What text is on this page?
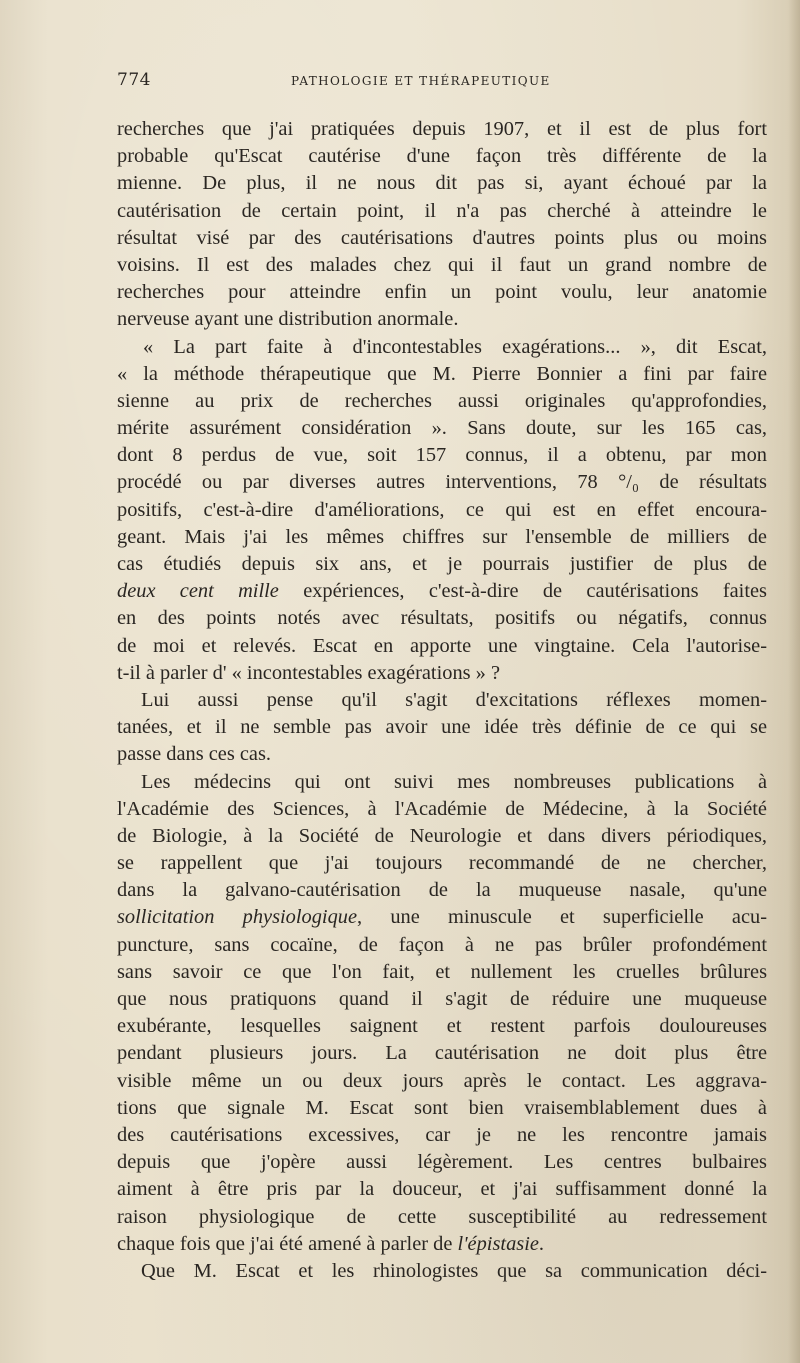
774	PATHOLOGIE ET THÉRAPEUTIQUE
recherches que j'ai pratiquées depuis 1907, et il est de plus fort
probable qu'Escat cautérise d'une façon très différente de la
mienne. De plus, il ne nous dit pas si, ayant échoué par la
cautérisation de certain point, il n'a pas cherché à atteindre le
résultat visé par des cautérisations d'autres points plus ou moins
voisins. Il est des malades chez qui il faut un grand nombre de
recherches pour atteindre enfin un point voulu, leur anatomie
nerveuse ayant une distribution anormale.
« La part faite à d'incontestables exagérations... », dit Escat,
« la méthode thérapeutique que M. Pierre Bonnier a fini par faire
sienne au prix de recherches aussi originales qu'approfondies,
mérite assurément considération ». Sans doute, sur les 165 cas,
dont 8 perdus de vue, soit 157 connus, il a obtenu, par mon
procédé ou par diverses autres interventions, 78 °/₀ de résultats
positifs, c'est-à-dire d'améliorations, ce qui est en effet encoura-
geant. Mais j'ai les mêmes chiffres sur l'ensemble de milliers de
cas étudiés depuis six ans, et je pourrais justifier de plus de
deux cent mille expériences, c'est-à-dire de cautérisations faites
en des points notés avec résultats, positifs ou négatifs, connus
de moi et relevés. Escat en apporte une vingtaine. Cela l'autorise-
t-il à parler d' « incontestables exagérations » ?
Lui aussi pense qu'il s'agit d'excitations réflexes momen-
tanées, et il ne semble pas avoir une idée très définie de ce qui se
passe dans ces cas.
Les médecins qui ont suivi mes nombreuses publications à
l'Académie des Sciences, à l'Académie de Médecine, à la Société
de Biologie, à la Société de Neurologie et dans divers périodiques,
se rappellent que j'ai toujours recommandé de ne chercher,
dans la galvano-cautérisation de la muqueuse nasale, qu'une
sollicitation physiologique, une minuscule et superficielle acu-
puncture, sans cocaïne, de façon à ne pas brûler profondément
sans savoir ce que l'on fait, et nullement les cruelles brûlures
que nous pratiquons quand il s'agit de réduire une muqueuse
exubérante, lesquelles saignent et restent parfois douloureuses
pendant plusieurs jours. La cautérisation ne doit plus être
visible même un ou deux jours après le contact. Les aggrava-
tions que signale M. Escat sont bien vraisemblablement dues à
des cautérisations excessives, car je ne les rencontre jamais
depuis que j'opère aussi légèrement. Les centres bulbaires
aiment à être pris par la douceur, et j'ai suffisamment donné la
raison physiologique de cette susceptibilité au redressement
chaque fois que j'ai été amené à parler de l'épistasie.
Que M. Escat et les rhinologistes que sa communication déci-
